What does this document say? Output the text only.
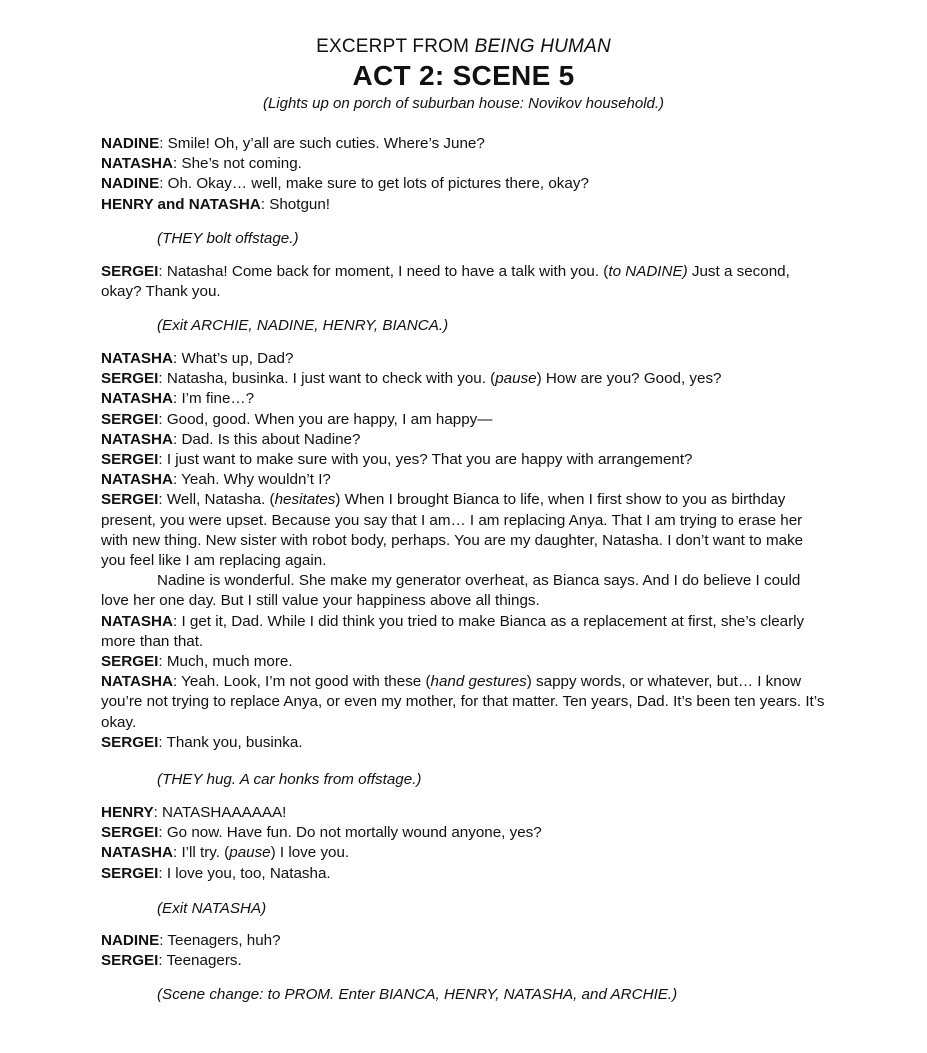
EXCERPT FROM BEING HUMAN
ACT 2: SCENE 5
(Lights up on porch of suburban house: Novikov household.)

NADINE: Smile! Oh, y’all are such cuties. Where’s June?

NATASHA: She’s not coming.

NADINE: Oh. Okay… well, make sure to get lots of pictures there, okay?

HENRY and NATASHA: Shotgun!

(THEY bolt offstage.)

SERGEI: Natasha! Come back for moment, I need to have a talk with you. (to NADINE) Just a second, okay? Thank you.

(Exit ARCHIE, NADINE, HENRY, BIANCA.)

NATASHA: What’s up, Dad?

SERGEI: Natasha, businka. I just want to check with you. (pause) How are you? Good, yes?

NATASHA: I’m fine…?

SERGEI: Good, good. When you are happy, I am happy—

NATASHA: Dad. Is this about Nadine?

SERGEI: I just want to make sure with you, yes? That you are happy with arrangement?

NATASHA: Yeah. Why wouldn’t I?

SERGEI: Well, Natasha. (hesitates) When I brought Bianca to life, when I first show to you as birthday present, you were upset. Because you say that I am… I am replacing Anya. That I am trying to erase her with new thing. New sister with robot body, perhaps. You are my daughter, Natasha. I don’t want to make you feel like I am replacing again.

Nadine is wonderful. She make my generator overheat, as Bianca says. And I do believe I could love her one day. But I still value your happiness above all things.

NATASHA: I get it, Dad. While I did think you tried to make Bianca as a replacement at first, she’s clearly more than that.

SERGEI: Much, much more.

NATASHA: Yeah. Look, I’m not good with these (hand gestures) sappy words, or whatever, but… I know you’re not trying to replace Anya, or even my mother, for that matter. Ten years, Dad. It’s been ten years. It’s okay.

SERGEI: Thank you, businka.

(THEY hug. A car honks from offstage.)

HENRY: NATASHAAAAAA!

SERGEI: Go now. Have fun. Do not mortally wound anyone, yes?

NATASHA: I’ll try. (pause) I love you.

SERGEI: I love you, too, Natasha.

(Exit NATASHA)

NADINE: Teenagers, huh?

SERGEI: Teenagers.

(Scene change: to PROM. Enter BIANCA, HENRY, NATASHA, and ARCHIE.)
